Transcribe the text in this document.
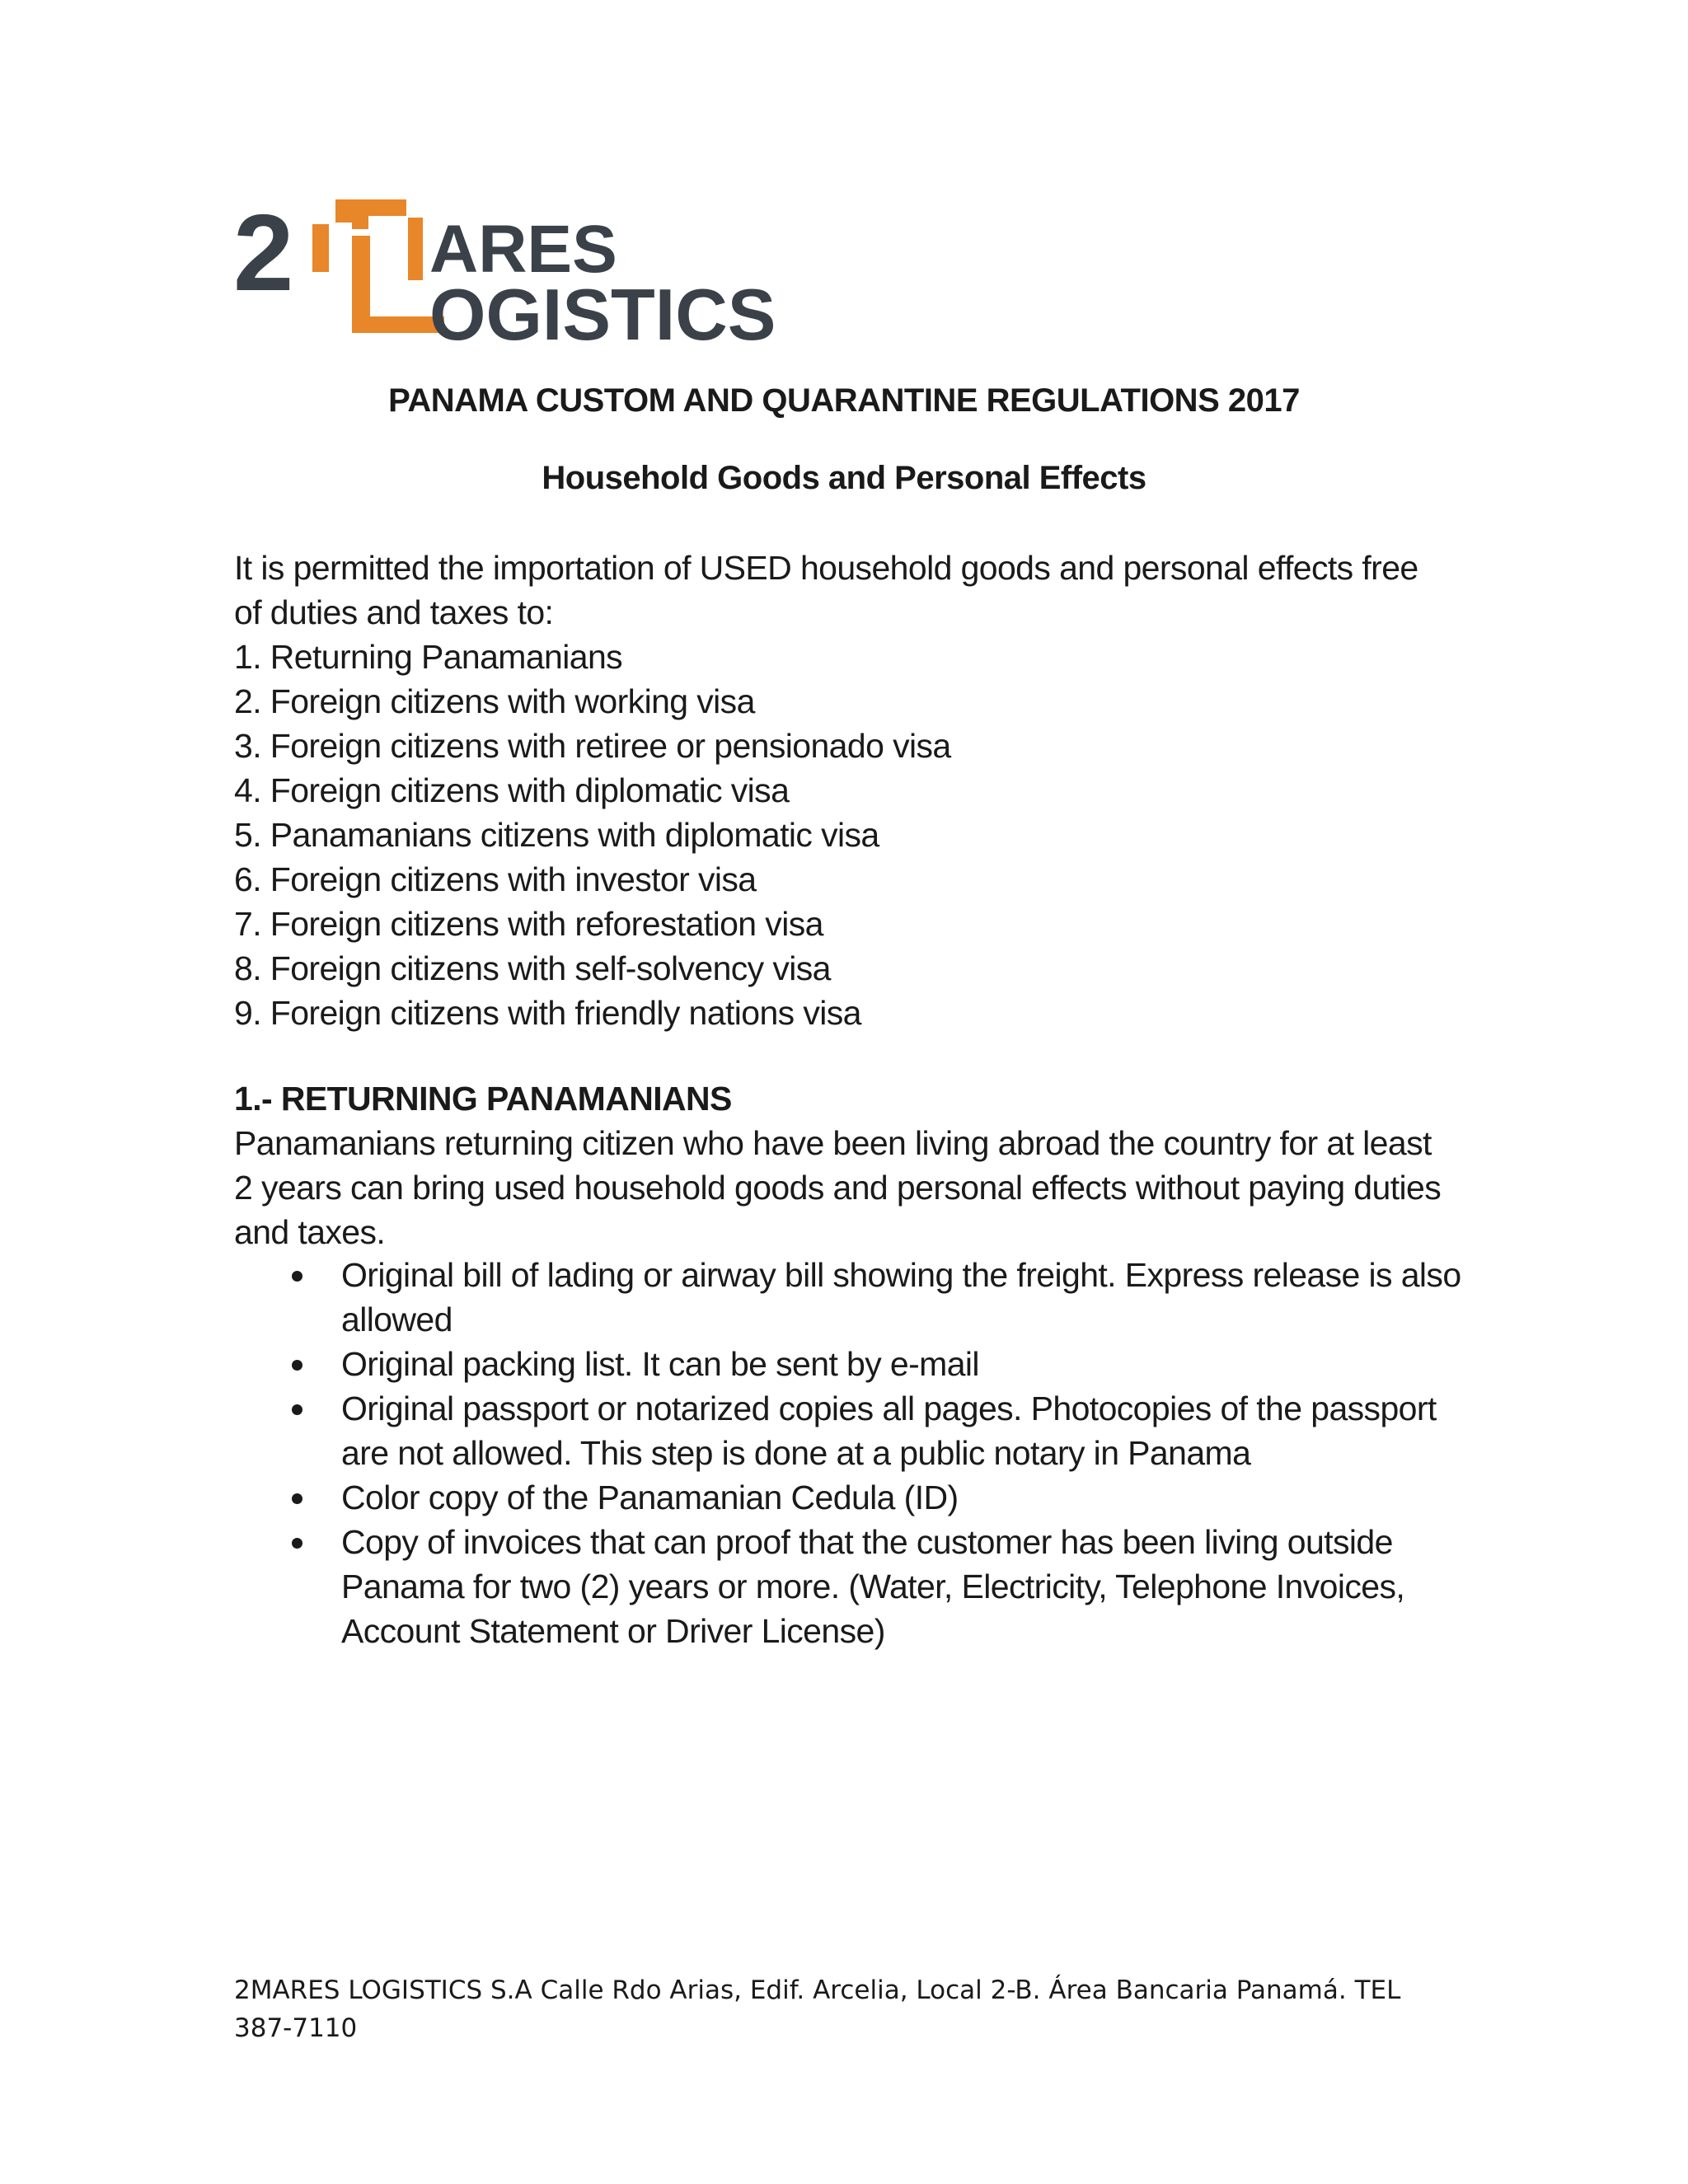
2 ARES
OGISTICS
PANAMA CUSTOM AND QUARANTINE REGULATIONS 2017
Household Goods and Personal Effects
It is permitted the importation of USED household goods and personal effects free of duties and taxes to:
1. Returning Panamanians
2. Foreign citizens with working visa
3. Foreign citizens with retiree or pensionado visa
4. Foreign citizens with diplomatic visa
5. Panamanians citizens with diplomatic visa
6. Foreign citizens with investor visa
7. Foreign citizens with reforestation visa
8. Foreign citizens with self-solvency visa
9. Foreign citizens with friendly nations visa
1.- RETURNING PANAMANIANS
Panamanians returning citizen who have been living abroad the country for at least 2 years can bring used household goods and personal effects without paying duties and taxes.
Original bill of lading or airway bill showing the freight. Express release is also allowed
Original packing list. It can be sent by e-mail
Original passport or notarized copies all pages. Photocopies of the passport are not allowed. This step is done at a public notary in Panama
Color copy of the Panamanian Cedula (ID)
Copy of invoices that can proof that the customer has been living outside Panama for two (2) years or more. (Water, Electricity, Telephone Invoices, Account Statement or Driver License)
2MARES LOGISTICS S.A Calle Rdo Arias, Edif. Arcelia, Local 2-B. Área Bancaria Panamá. TEL 387-7110
